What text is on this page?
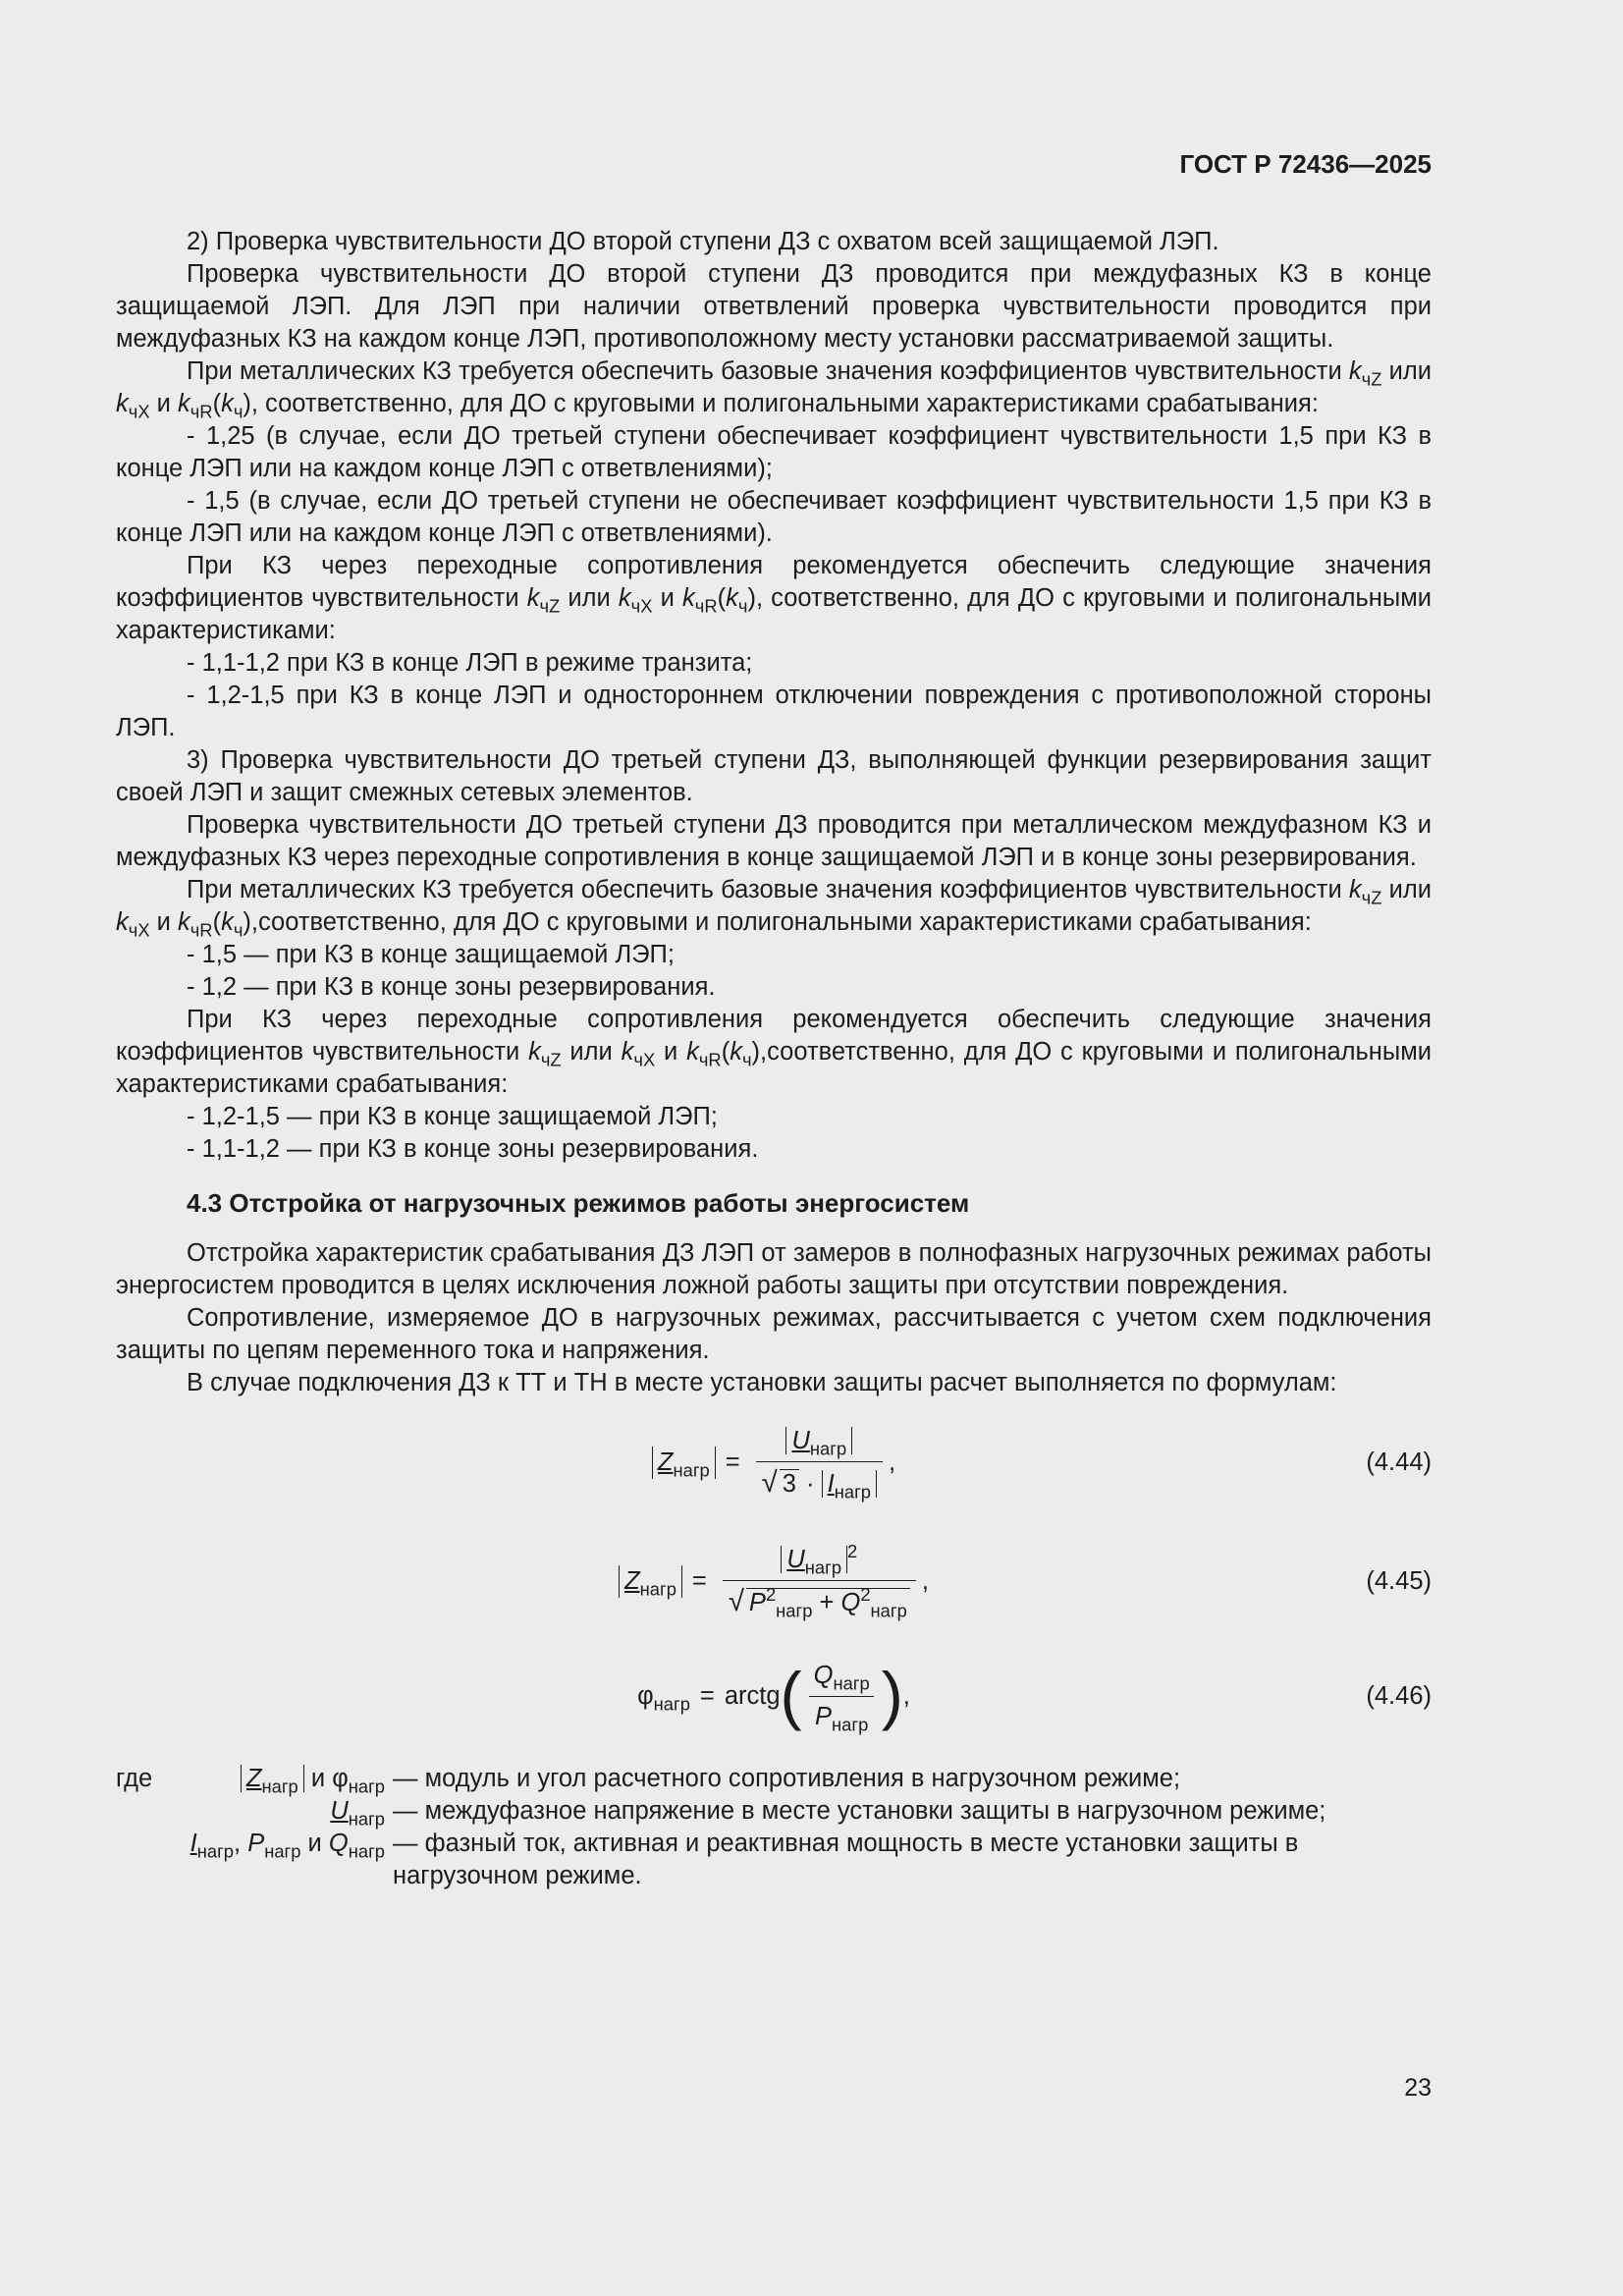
ГОСТ Р 72436—2025

2) Проверка чувствительности ДО второй ступени ДЗ с охватом всей защищаемой ЛЭП.

Проверка чувствительности ДО второй ступени ДЗ проводится при междуфазных КЗ в конце защищаемой ЛЭП. Для ЛЭП при наличии ответвлений проверка чувствительности проводится при междуфазных КЗ на каждом конце ЛЭП, противоположному месту установки рассматриваемой защиты.

При металлических КЗ требуется обеспечить базовые значения коэффициентов чувствительности $k_{чZ}$ или $k_{чX}$ и $k_{чR}(k_ч)$, соответственно, для ДО с круговыми и полигональными характеристиками срабатывания:

- 1,25 (в случае, если ДО третьей ступени обеспечивает коэффициент чувствительности 1,5 при КЗ в конце ЛЭП или на каждом конце ЛЭП с ответвлениями);

- 1,5 (в случае, если ДО третьей ступени не обеспечивает коэффициент чувствительности 1,5 при КЗ в конце ЛЭП или на каждом конце ЛЭП с ответвлениями).

При КЗ через переходные сопротивления рекомендуется обеспечить следующие значения коэффициентов чувствительности $k_{чZ}$ или $k_{чX}$ и $k_{чR}(k_ч)$, соответственно, для ДО с круговыми и полигональными характеристиками:

- 1,1-1,2 при КЗ в конце ЛЭП в режиме транзита;

- 1,2-1,5 при КЗ в конце ЛЭП и одностороннем отключении повреждения с противоположной стороны ЛЭП.

3) Проверка чувствительности ДО третьей ступени ДЗ, выполняющей функции резервирования защит своей ЛЭП и защит смежных сетевых элементов.

Проверка чувствительности ДО третьей ступени ДЗ проводится при металлическом междуфазном КЗ и междуфазных КЗ через переходные сопротивления в конце защищаемой ЛЭП и в конце зоны резервирования.

При металлических КЗ требуется обеспечить базовые значения коэффициентов чувствительности $k_{чZ}$ или $k_{чX}$ и $k_{чR}(k_ч),соответственно$, для ДО с круговыми и полигональными характеристиками срабатывания:

- 1,5 — при КЗ в конце защищаемой ЛЭП;

- 1,2 — при КЗ в конце зоны резервирования.

При КЗ через переходные сопротивления рекомендуется обеспечить следующие значения коэффициентов чувствительности $k_{чZ}$ или $k_{чX}$ и $k_{чR}(k_ч),соответственно$, для ДО с круговыми и полигональными характеристиками срабатывания:

- 1,2-1,5 — при КЗ в конце защищаемой ЛЭП;

- 1,1-1,2 — при КЗ в конце зоны резервирования.

4.3 Отстройка от нагрузочных режимов работы энергосистем

Отстройка характеристик срабатывания ДЗ ЛЭП от замеров в полнофазных нагрузочных режимах работы энергосистем проводится в целях исключения ложной работы защиты при отсутствии повреждения.

Сопротивление, измеряемое ДО в нагрузочных режимах, рассчитывается с учетом схем подключения защиты по цепям переменного тока и напряжения.

В случае подключения ДЗ к ТТ и ТН в месте установки защиты расчет выполняется по формулам:

$Z_{нагр} = \frac{U_{нагр}}{√ 3 \cdot I_{нагр}}$ ,	(4.44)
$Z_{нагр} = \frac{U_{нагр}^2}{√ P^2_{нагр} + Q^2_{нагр}}$ ,	(4.45)
$\varphi_{нагр}$ = arctg ( $\frac{Q_{нагр}}{P_{нагр}}$ ) ,	(4.46)
где	$Z_{нагр}$ и $\varphi_{нагр}$ — модуль и угол расчетного сопротивления в нагрузочном режиме;
$U_{нагр}$ — междуфазное напряжение в месте установки защиты в нагрузочном режиме;
$I_{нагр}$, $P_{нагр}$ и $Q_{нагр}$ — фазный ток, активная и реактивная мощность в месте установки защиты в нагрузочном режиме.
23
